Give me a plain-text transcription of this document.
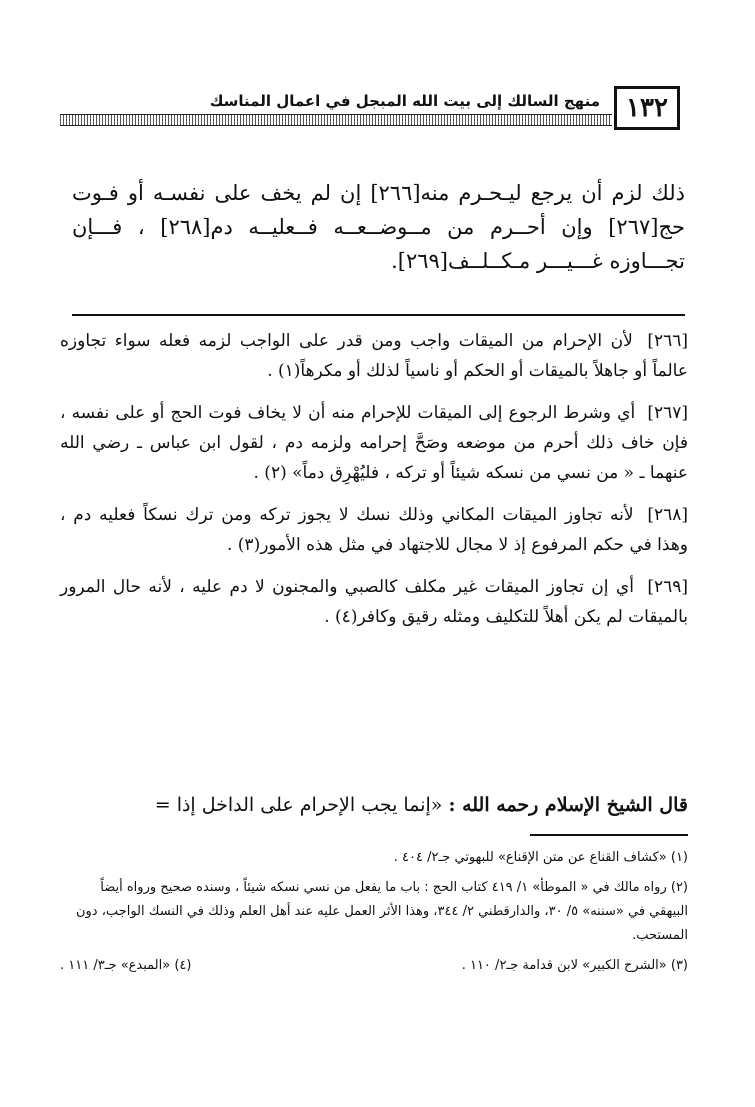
١٣٢
منهج السالك إلى بيت الله المبجل في اعمال المناسك

ذلك لزم أن يرجع ليـحـرم منه[٢٦٦] إن لم يخف على نفسـه أو فـوت

حج[٢٦٧] وإن أحــرم من مــوضــعــه فــعليــه دم[٢٦٨] ، فـــإن

تجـــاوزه غـــيـــر مـكــلــف[٢٦٩].

[٢٦٦] لأن الإحرام من الميقات واجب ومن قدر على الواجب لزمه فعله سواء تجاوزه عالماً أو جاهلاً بالميقات أو الحكم أو ناسياً لذلك أو مكرهاً(١) .

[٢٦٧] أي وشرط الرجوع إلى الميقات للإحرام منه أن لا يخاف فوت الحج أو على نفسه ، فإن خاف ذلك أحرم من موضعه وصَحَّ إحرامه ولزمه دم ، لقول ابن عباس ـ رضي الله عنهما ـ « من نسي من نسكه شيئاً أو تركه ، فليُهْرِق دماً» (٢) .

[٢٦٨] لأنه تجاوز الميقات المكاني وذلك نسك لا يجوز تركه ومن ترك نسكاً فعليه دم ، وهذا في حكم المرفوع إذ لا مجال للاجتهاد في مثل هذه الأمور(٣) .

[٢٦٩] أي إن تجاوز الميقات غير مكلف كالصبي والمجنون لا دم عليه ، لأنه حال المرور بالميقات لم يكن أهلاً للتكليف ومثله رقيق وكافر(٤) .

قال الشيخ الإسلام رحمه الله : «إنما يجب الإحرام على الداخل إذا =

(١) «كشاف القناع عن متن الإقناع» للبهوتي جـ٢/ ٤٠٤ .

(٢) رواه مالك في « الموطأ» ١/ ٤١٩ كتاب الحج : باب ما يفعل من نسي نسكه شيئاً ، وسنده صحيح ورواه أيضاً البيهقي في «سننه» ٥/ ٣٠، والدارقطني ٢/ ٣٤٤، وهذا الأثر العمل عليه عند أهل العلم وذلك في النسك الواجب، دون المستحب.

(٣) «الشرح الكبير» لابن قدامة جـ٢/ ١١٠ .
(٤) «المبدع» جـ٣/ ١١١ .
